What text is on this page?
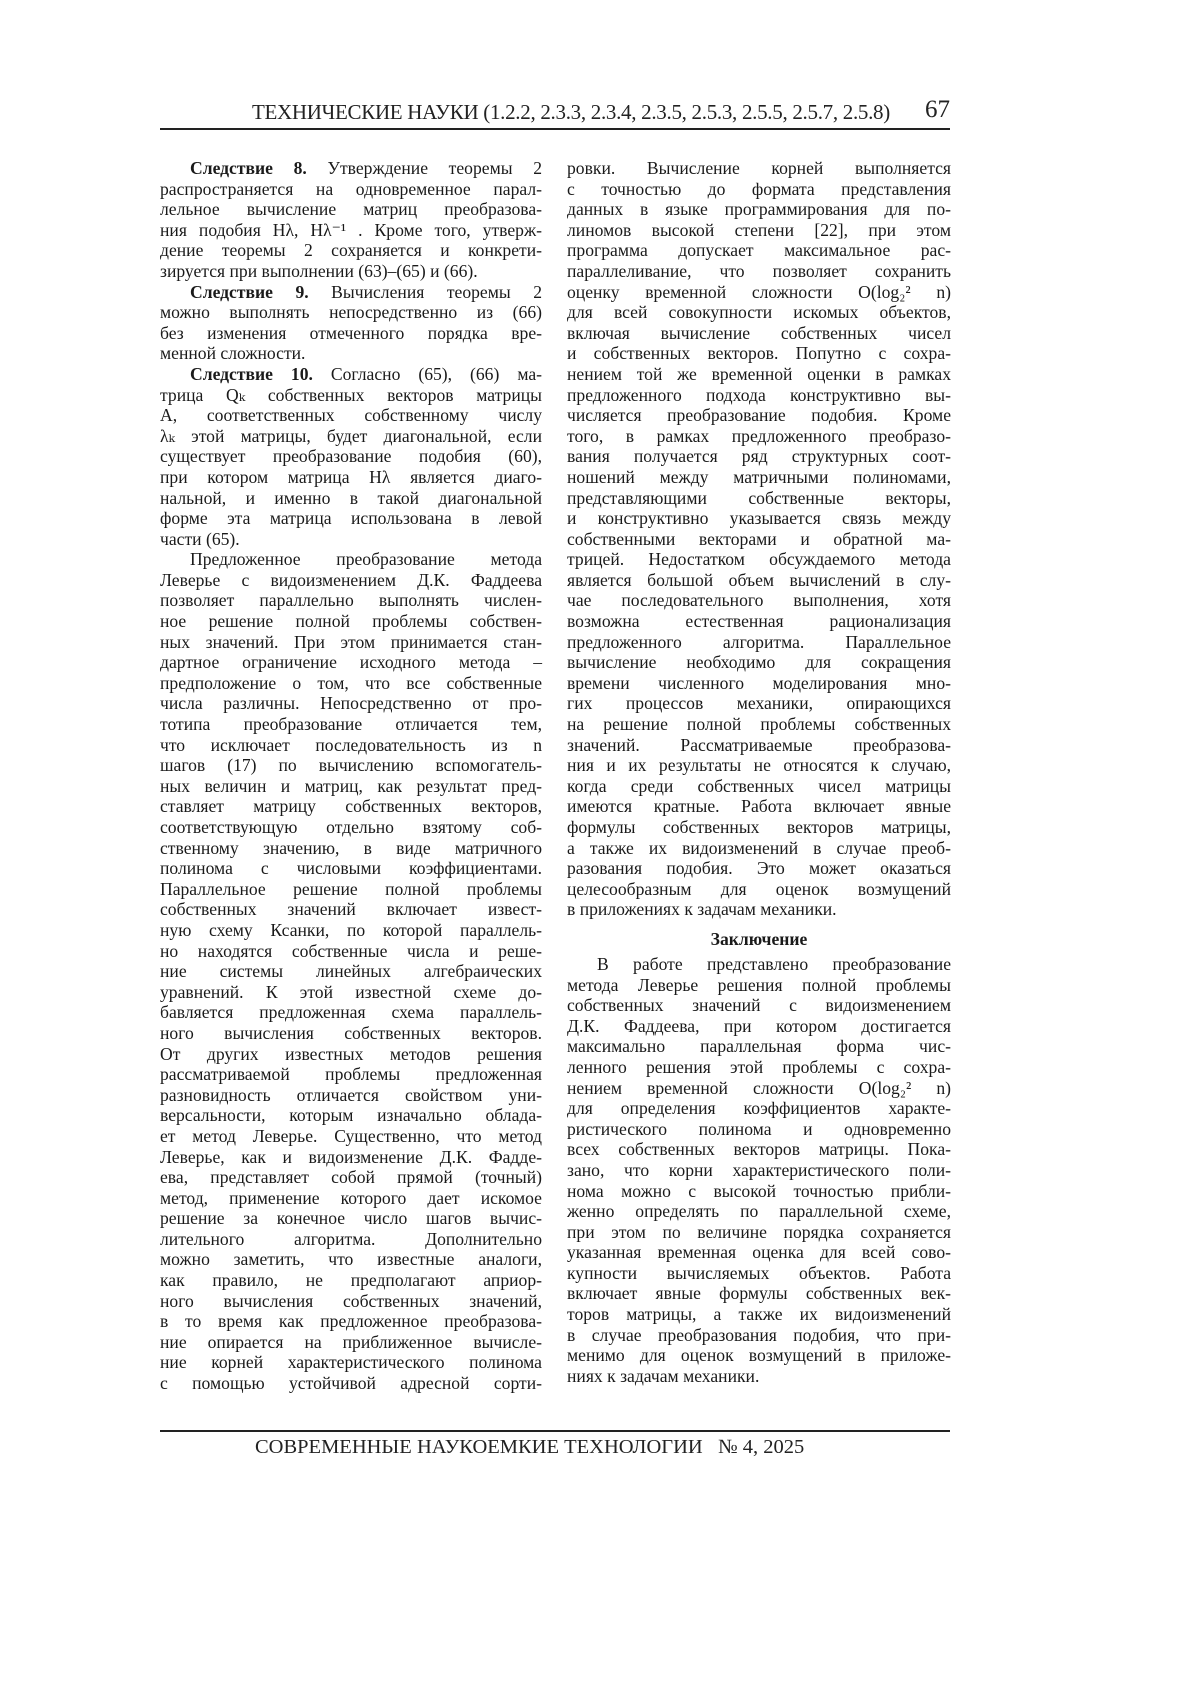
ТЕХНИЧЕСКИЕ НАУКИ (1.2.2, 2.3.3, 2.3.4, 2.3.5, 2.5.3, 2.5.5, 2.5.7, 2.5.8) 67
Следствие 8. Утверждение теоремы 2
распространяется на одновременное парал-
лельное вычисление матриц преобразова-
ния подобия Hλ, Hλ⁻¹ . Кроме того, утверж-
дение теоремы 2 сохраняется и конкрети-
зируется при выполнении (63)–(65) и (66).
Следствие 9. Вычисления теоремы 2
можно выполнять непосредственно из (66)
без изменения отмеченного порядка вре-
менной сложности.
Следствие 10. Согласно (65), (66) ма-
трица Qₖ собственных векторов матрицы
A, соответственных собственному числу
λₖ этой матрицы, будет диагональной, если
существует преобразование подобия (60),
при котором матрица Hλ является диаго-
нальной, и именно в такой диагональной
форме эта матрица использована в левой
части (65).
Предложенное преобразование метода
Леверье с видоизменением Д.К. Фаддеева
позволяет параллельно выполнять числен-
ное решение полной проблемы собствен-
ных значений. При этом принимается стан-
дартное ограничение исходного метода –
предположение о том, что все собственные
числа различны. Непосредственно от про-
тотипа преобразование отличается тем,
что исключает последовательность из n
шагов (17) по вычислению вспомогатель-
ных величин и матриц, как результат пред-
ставляет матрицу собственных векторов,
соответствующую отдельно взятому соб-
ственному значению, в виде матричного
полинома с числовыми коэффициентами.
Параллельное решение полной проблемы
собственных значений включает извест-
ную схему Ксанки, по которой параллель-
но находятся собственные числа и реше-
ние системы линейных алгебраических
уравнений. К этой известной схеме до-
бавляется предложенная схема параллель-
ного вычисления собственных векторов.
От других известных методов решения
рассматриваемой проблемы предложенная
разновидность отличается свойством уни-
версальности, которым изначально облада-
ет метод Леверье. Существенно, что метод
Леверье, как и видоизменение Д.К. Фадде-
ева, представляет собой прямой (точный)
метод, применение которого дает искомое
решение за конечное число шагов вычис-
лительного алгоритма. Дополнительно
можно заметить, что известные аналоги,
как правило, не предполагают априор-
ного вычисления собственных значений,
в то время как предложенное преобразова-
ние опирается на приближенное вычисле-
ние корней характеристического полинома
с помощью устойчивой адресной сорти-
ровки. Вычисление корней выполняется
с точностью до формата представления
данных в языке программирования для по-
линомов высокой степени [22], при этом
программа допускает максимальное рас-
параллеливание, что позволяет сохранить
оценку временной сложности O(log₂² n)
для всей совокупности искомых объектов,
включая вычисление собственных чисел
и собственных векторов. Попутно с сохра-
нением той же временной оценки в рамках
предложенного подхода конструктивно вы-
числяется преобразование подобия. Кроме
того, в рамках предложенного преобразо-
вания получается ряд структурных соот-
ношений между матричными полиномами,
представляющими собственные векторы,
и конструктивно указывается связь между
собственными векторами и обратной ма-
трицей. Недостатком обсуждаемого метода
является большой объем вычислений в слу-
чае последовательного выполнения, хотя
возможна естественная рационализация
предложенного алгоритма. Параллельное
вычисление необходимо для сокращения
времени численного моделирования мно-
гих процессов механики, опирающихся
на решение полной проблемы собственных
значений. Рассматриваемые преобразова-
ния и их результаты не относятся к случаю,
когда среди собственных чисел матрицы
имеются кратные. Работа включает явные
формулы собственных векторов матрицы,
а также их видоизменений в случае преоб-
разования подобия. Это может оказаться
целесообразным для оценок возмущений
в приложениях к задачам механики.
Заключение
В работе представлено преобразование
метода Леверье решения полной проблемы
собственных значений с видоизменением
Д.К. Фаддеева, при котором достигается
максимально параллельная форма чис-
ленного решения этой проблемы с сохра-
нением временной сложности O(log₂² n)
для определения коэффициентов характе-
ристического полинома и одновременно
всех собственных векторов матрицы. Пока-
зано, что корни характеристического поли-
нома можно с высокой точностью прибли-
женно определять по параллельной схеме,
при этом по величине порядка сохраняется
указанная временная оценка для всей сово-
купности вычисляемых объектов. Работа
включает явные формулы собственных век-
торов матрицы, а также их видоизменений
в случае преобразования подобия, что при-
менимо для оценок возмущений в приложе-
ниях к задачам механики.
СОВРЕМЕННЫЕ НАУКОЕМКИЕ ТЕХНОЛОГИИ   № 4, 2025
